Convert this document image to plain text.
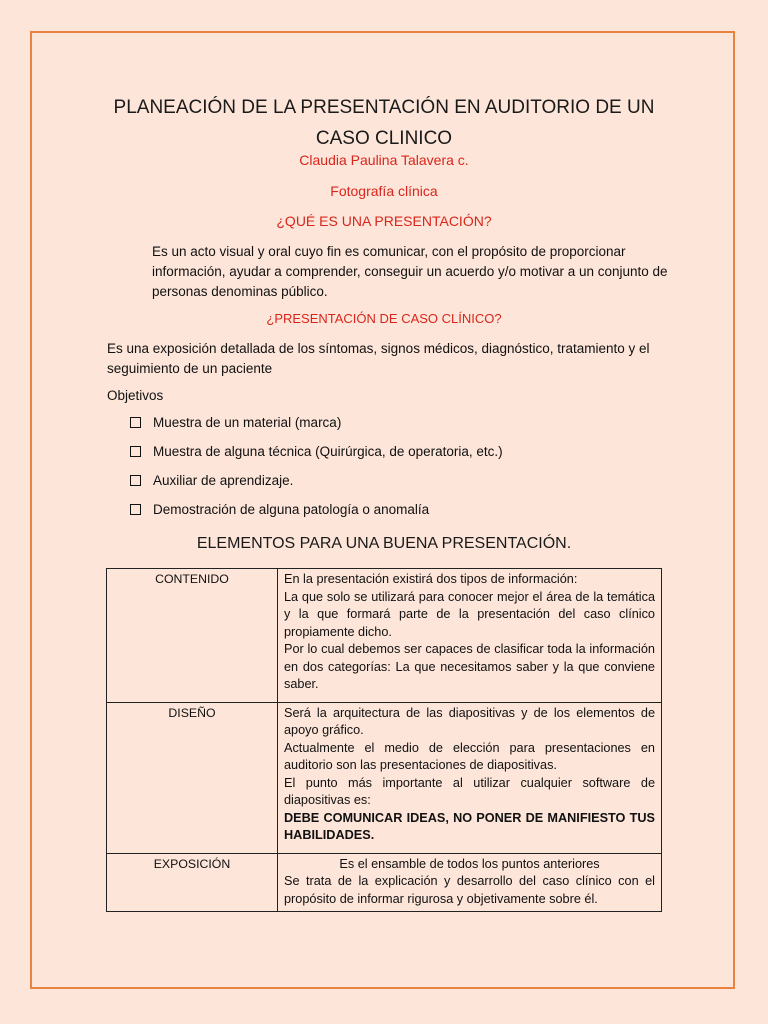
PLANEACIÓN DE LA PRESENTACIÓN EN AUDITORIO DE UN
CASO CLINICO
Claudia Paulina Talavera c.
Fotografía clínica
¿QUÉ ES UNA PRESENTACIÓN?
Es un acto visual y oral cuyo fin es comunicar, con el propósito de proporcionar
información, ayudar a comprender, conseguir un acuerdo y/o motivar a un conjunto de
personas denominas público.
¿PRESENTACIÓN DE CASO CLÍNICO?
Es una exposición detallada de los síntomas, signos médicos, diagnóstico, tratamiento y el
seguimiento de un paciente
Objetivos
Muestra de un material (marca)
Muestra de alguna técnica (Quirúrgica, de operatoria, etc.)
Auxiliar de aprendizaje.
Demostración de alguna patología o anomalía
ELEMENTOS PARA UNA BUENA PRESENTACIÓN.
CONTENIDO	En la presentación existirá dos tipos de información:
La que solo se utilizará para conocer mejor el área de la temática y la que formará parte de la presentación del caso clínico propiamente dicho.
Por lo cual debemos ser capaces de clasificar toda la información en dos categorías: La que necesitamos saber y la que conviene saber.

DISEÑO	Será la arquitectura de las diapositivas y de los elementos de apoyo gráfico.
Actualmente el medio de elección para presentaciones en auditorio son las presentaciones de diapositivas.
El punto más importante al utilizar cualquier software de diapositivas es:
DEBE COMUNICAR IDEAS, NO PONER DE MANIFIESTO TUS HABILIDADES.

EXPOSICIÓN	Es el ensamble de todos los puntos anteriores
Se trata de la explicación y desarrollo del caso clínico con el propósito de informar rigurosa y objetivamente sobre él.
